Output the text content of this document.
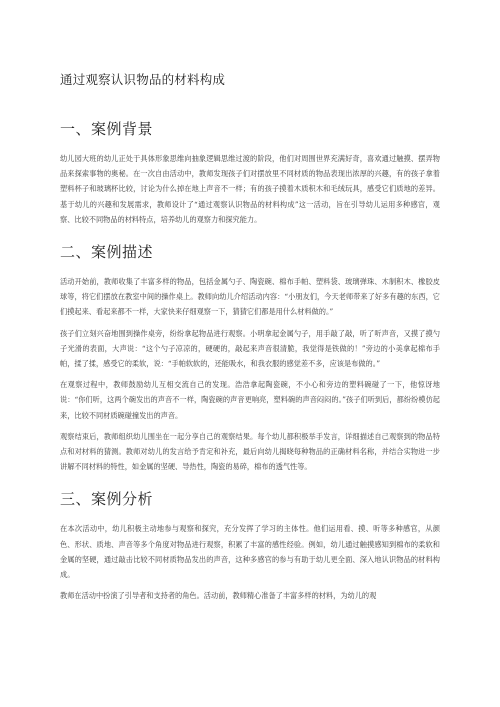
通过观察认识物品的材料构成
一、案例背景

幼儿园大班的幼儿正处于具体形象思维向抽象逻辑思维过渡的阶段，他们对周围世界充满好奇，喜欢通过触摸、摆弄物品来探索事物的奥秘。在一次自由活动中，教师发现孩子们对摆放里不同材质的物品表现出浓厚的兴趣，有的孩子拿着塑料杯子和玻璃杯比较，讨论为什么掉在地上声音不一样；有的孩子摸着木质积木和毛绒玩具，感受它们质地的差异。基于幼儿的兴趣和发展需求，教师设计了“通过观察认识物品的材料构成”这一活动，旨在引导幼儿运用多种感官，观察、比较不同物品的材料特点，培养幼儿的观察力和探究能力。

二、案例描述

活动开始前，教师收集了丰富多样的物品，包括金属勺子、陶瓷碗、棉布手帕、塑料袋、玻璃弹珠、木制积木、橡胶皮球等，将它们摆放在教室中间的操作桌上。教师向幼儿介绍活动内容：“小朋友们，今天老师带来了好多有趣的东西，它们摸起来、看起来都不一样，大家快来仔细观察一下，猜猜它们都是用什么材料做的。”

孩子们立刻兴奋地围到操作桌旁，纷纷拿起物品进行观察。小明拿起金属勺子，用手敲了敲，听了听声音，又摸了摸勺子光滑的表面，大声说：“这个勺子凉凉的，硬硬的，敲起来声音很清脆，我觉得是铁做的！”旁边的小美拿起棉布手帕，揉了揉，感受它的柔软，说：“手帕软软的，还能吸水，和我衣服的感觉差不多，应该是布做的。”

在观察过程中，教师鼓励幼儿互相交流自己的发现。浩浩拿起陶瓷碗，不小心和旁边的塑料碗碰了一下，他惊讶地说：“你们听，这两个碗发出的声音不一样，陶瓷碗的声音更响亮，塑料碗的声音闷闷的。”孩子们听到后，都纷纷模仿起来，比较不同材质碗碰撞发出的声音。

观察结束后，教师组织幼儿围坐在一起分享自己的观察结果。每个幼儿都积极举手发言，详细描述自己观察到的物品特点和对材料的猜测。教师对幼儿的发言给予肯定和补充，最后向幼儿揭晓每种物品的正确材料名称，并结合实物进一步讲解不同材料的特性，如金属的坚硬、导热性，陶瓷的易碎，棉布的透气性等。

三、案例分析

在本次活动中，幼儿积极主动地参与观察和探究，充分发挥了学习的主体性。他们运用看、摸、听等多种感官，从颜色、形状、质地、声音等多个角度对物品进行观察，积累了丰富的感性经验。例如，幼儿通过触摸感知到棉布的柔软和金属的坚硬，通过敲击比较不同材质物品发出的声音，这种多感官的参与有助于幼儿更全面、深入地认识物品的材料构成。

教师在活动中扮演了引导者和支持者的角色。活动前，教师精心准备了丰富多样的材料，为幼儿的观
